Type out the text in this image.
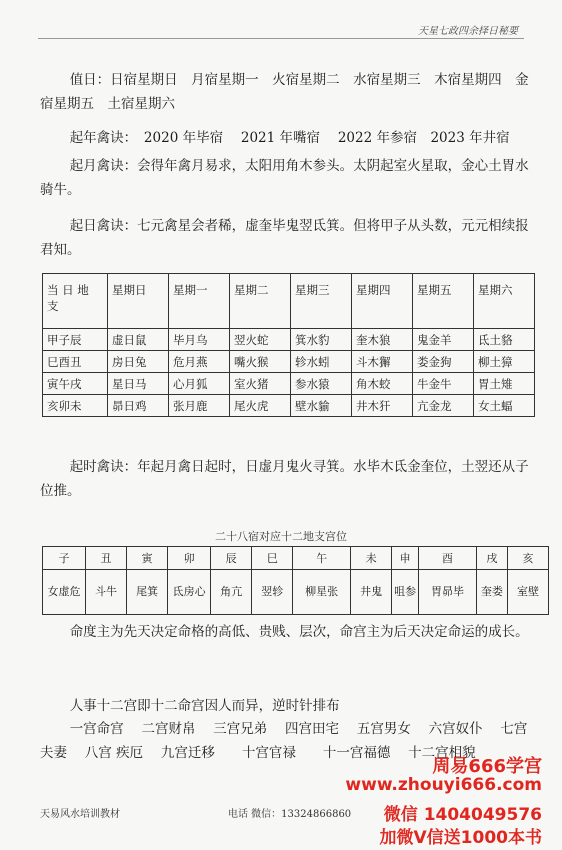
天星七政四余择日秘要
值日：日宿星期日　月宿星期一　火宿星期二　水宿星期三　木宿星期四　金宿星期五　土宿星期六
起年禽诀：　2020 年毕宿　 2021 年嘴宿　 2022 年参宿　2023 年井宿
起月禽诀：会得年禽月易求，太阳用角木参头。太阴起室火星取，金心土胃水骑牛。
起日禽诀：七元禽星会者稀，虚奎毕鬼翌氐箕。但将甲子从头数，元元相续报君知。
当 日 地 支	星期日	星期一	星期二	星期三	星期四	星期五	星期六
甲子辰	虚日鼠	毕月乌	翌火蛇	箕水豹	奎木狼	鬼金羊	氐土貉
巳酉丑	房日兔	危月燕	嘴火猴	轸水蚓	斗木獬	娄金狗	柳土獐
寅午戌	星日马	心月狐	室火猪	参水猿	角木蛟	牛金牛	胃土雉
亥卯未	昴日鸡	张月鹿	尾火虎	壁水貐	井木犴	亢金龙	女土蝠
起时禽诀：年起月禽日起时，日虚月鬼火寻箕。水毕木氐金奎位，土翌还从子位推。
二十八宿对应十二地支宫位
子	丑	寅	卯	辰	巳	午	未	申	酉	戌	亥
女虚危	斗牛	尾箕	氐房心	角亢	翌轸	柳星张	井鬼	咀参	胃昴毕	奎娄	室壁
命度主为先天决定命格的高低、贵贱、层次，命宫主为后天决定命运的成长。
人事十二宫即十二命宫因人而异，逆时针排布
一宫命宫　 二宫财帛　 三宫兄弟　 四宫田宅　 五宫男女　 六宫奴仆　 七宫夫妻　 八宫 疾厄　 九宫迁移　　十宫官禄　　十一宫福德　 十二宫相貌
天易风水培训教材	电话 微信：13324866860
周易666学宫
www.zhouyi666.com
微信 1404049576
加微V信送1000本书
